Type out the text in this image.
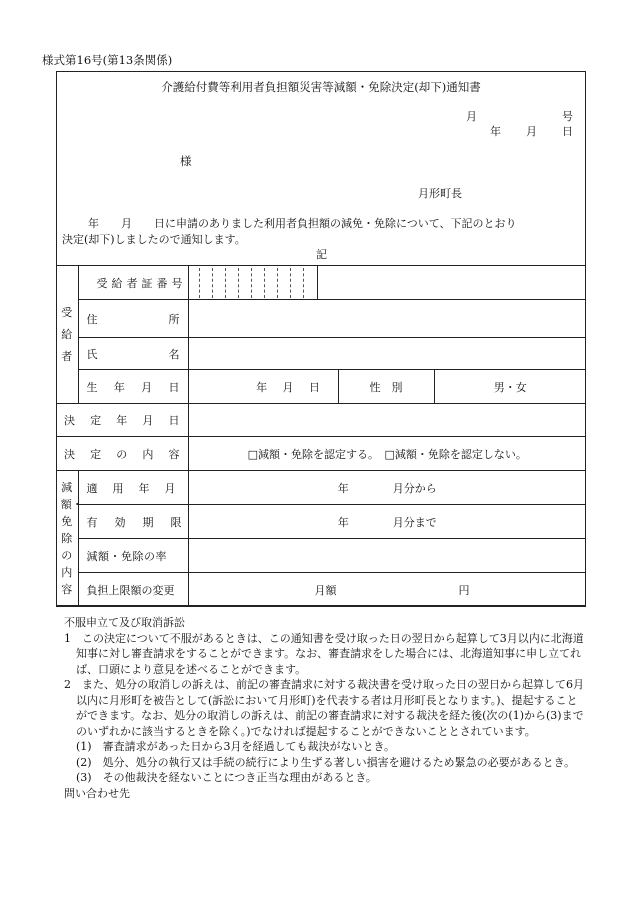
様式第16号(第13条関係)
介護給付費等利用者負担額災害等減額・免除決定(却下)通知書
月	号
年 月 日
様
月形町長
年　　月　　日に申請のありました利用者負担額の減免・免除について、下記のとおり
決定(却下)しましたので通知します。
記
受給者	受給者証番号			

	住 所			

	氏 名			

	生 年 月 日	年 月 日	性　別	男・女

決 定 年 月 日				

決 定 の 内 容		□減額・免除を認定する。　□減額・免除を認定しない。		

減額・免除の内容	適 用 年 月	年　　　　月分から		

	有 効 期 限	年　　　　月分まで		

	減額・免除の率			

	負担上限額の変更	月額 円		
不服申立て及び取消訴訟
1　この決定について不服があるときは、この通知書を受け取った日の翌日から起算して3月以内に北海道知事に対し審査請求をすることができます。なお、審査請求をした場合には、北海道知事に申し立てれば、口頭により意見を述べることができます。
2　また、処分の取消しの訴えは、前記の審査請求に対する裁決書を受け取った日の翌日から起算して6月以内に月形町を被告として(訴訟において月形町)を代表する者は月形町長となります。)、提起することができます。なお、処分の取消しの訴えは、前記の審査請求に対する裁決を経た後(次の(1)から(3)までのいずれかに該当するときを除く。)でなければ提起することができないこととされています。
(1)　審査請求があった日から3月を経過しても裁決がないとき。
(2)　処分、処分の執行又は手続の続行により生ずる著しい損害を避けるため緊急の必要があるとき。
(3)　その他裁決を経ないことにつき正当な理由があるとき。
問い合わせ先
